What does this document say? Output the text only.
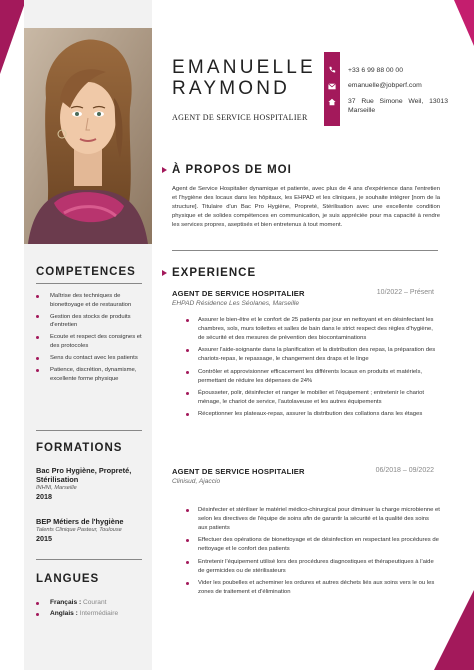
COMPETENCES
Maîtrise des techniques de bionettoyage et de restauration
Gestion des stocks de produits d'entretien
Ecoute et respect des consignes et des protocoles
Sens du contact avec les patients
Patience, discrétion, dynamisme, excellente forme physique
FORMATIONS
Bac Pro Hygiène, Propreté, Stérilisation
INHNI, Marseille
2018
BEP Métiers de l'hygiène
Talents Clinique Pasteur, Toulouse
2015
LANGUES
Français : Courant
Anglais : Intermédiaire
EMANUELLE
RAYMOND
AGENT DE SERVICE HOSPITALIER
+33 6 99 88 00 00
emanuelle@jobperf.com
37 Rue Simone Weil, 13013
Marseille
À PROPOS DE MOI
Agent de Service Hospitalier dynamique et patiente, avec plus de 4 ans d'expérience dans l'entretien et l'hygiène des locaux dans les hôpitaux, les EHPAD et les cliniques, je souhaite intégrer [nom de la structure]. Titulaire d'un Bac Pro Hygiène, Propreté, Stérilisation avec une excellente condition physique et de solides compétences en communication, je suis appréciée pour ma capacité à rendre les services propres, aseptisés et bien entretenus à tout moment.
EXPERIENCE
AGENT DE SERVICE HOSPITALIER	10/2022 – Présent
EHPAD Résidence Les Séolanes, Marseille
Assurer le bien-être et le confort de 25 patients par jour en nettoyant et en désinfectant les chambres, sols, murs toilettes et salles de bain dans le strict respect des règles d'hygiène, de sécurité et des mesures de prévention des biocontaminations
Assurer l'aide-soignante dans la planification et la distribution des repas, la préparation des chariots-repas, le repassage, le changement des draps et le linge
Contrôler et approvisionner efficacement les différents locaux en produits et matériels, permettant de réduire les dépenses de 24%
Épousseter, polir, désinfecter et ranger le mobilier et l'équipement ; entretenir le chariot ménage, le chariot de service, l'autolaveuse et les autres équipements
Réceptionner les plateaux-repas, assurer la distribution des collations dans les étages
AGENT DE SERVICE HOSPITALIER	06/2018 – 09/2022
Clinisud, Ajaccio
Désinfecter et stériliser le matériel médico-chirurgical pour diminuer la charge microbienne et selon les directives de l'équipe de soins afin de garantir la sécurité et la qualité des soins aux patients
Effectuer des opérations de bionettoyage et de désinfection en respectant les procédures de nettoyage et le confort des patients
Entretenir l'équipement utilisé lors des procédures diagnostiques et thérapeutiques à l'aide de germicides ou de stérilisateurs
Vider les poubelles et acheminer les ordures et autres déchets liés aux soins vers le ou les zones de traitement et d'élimination
